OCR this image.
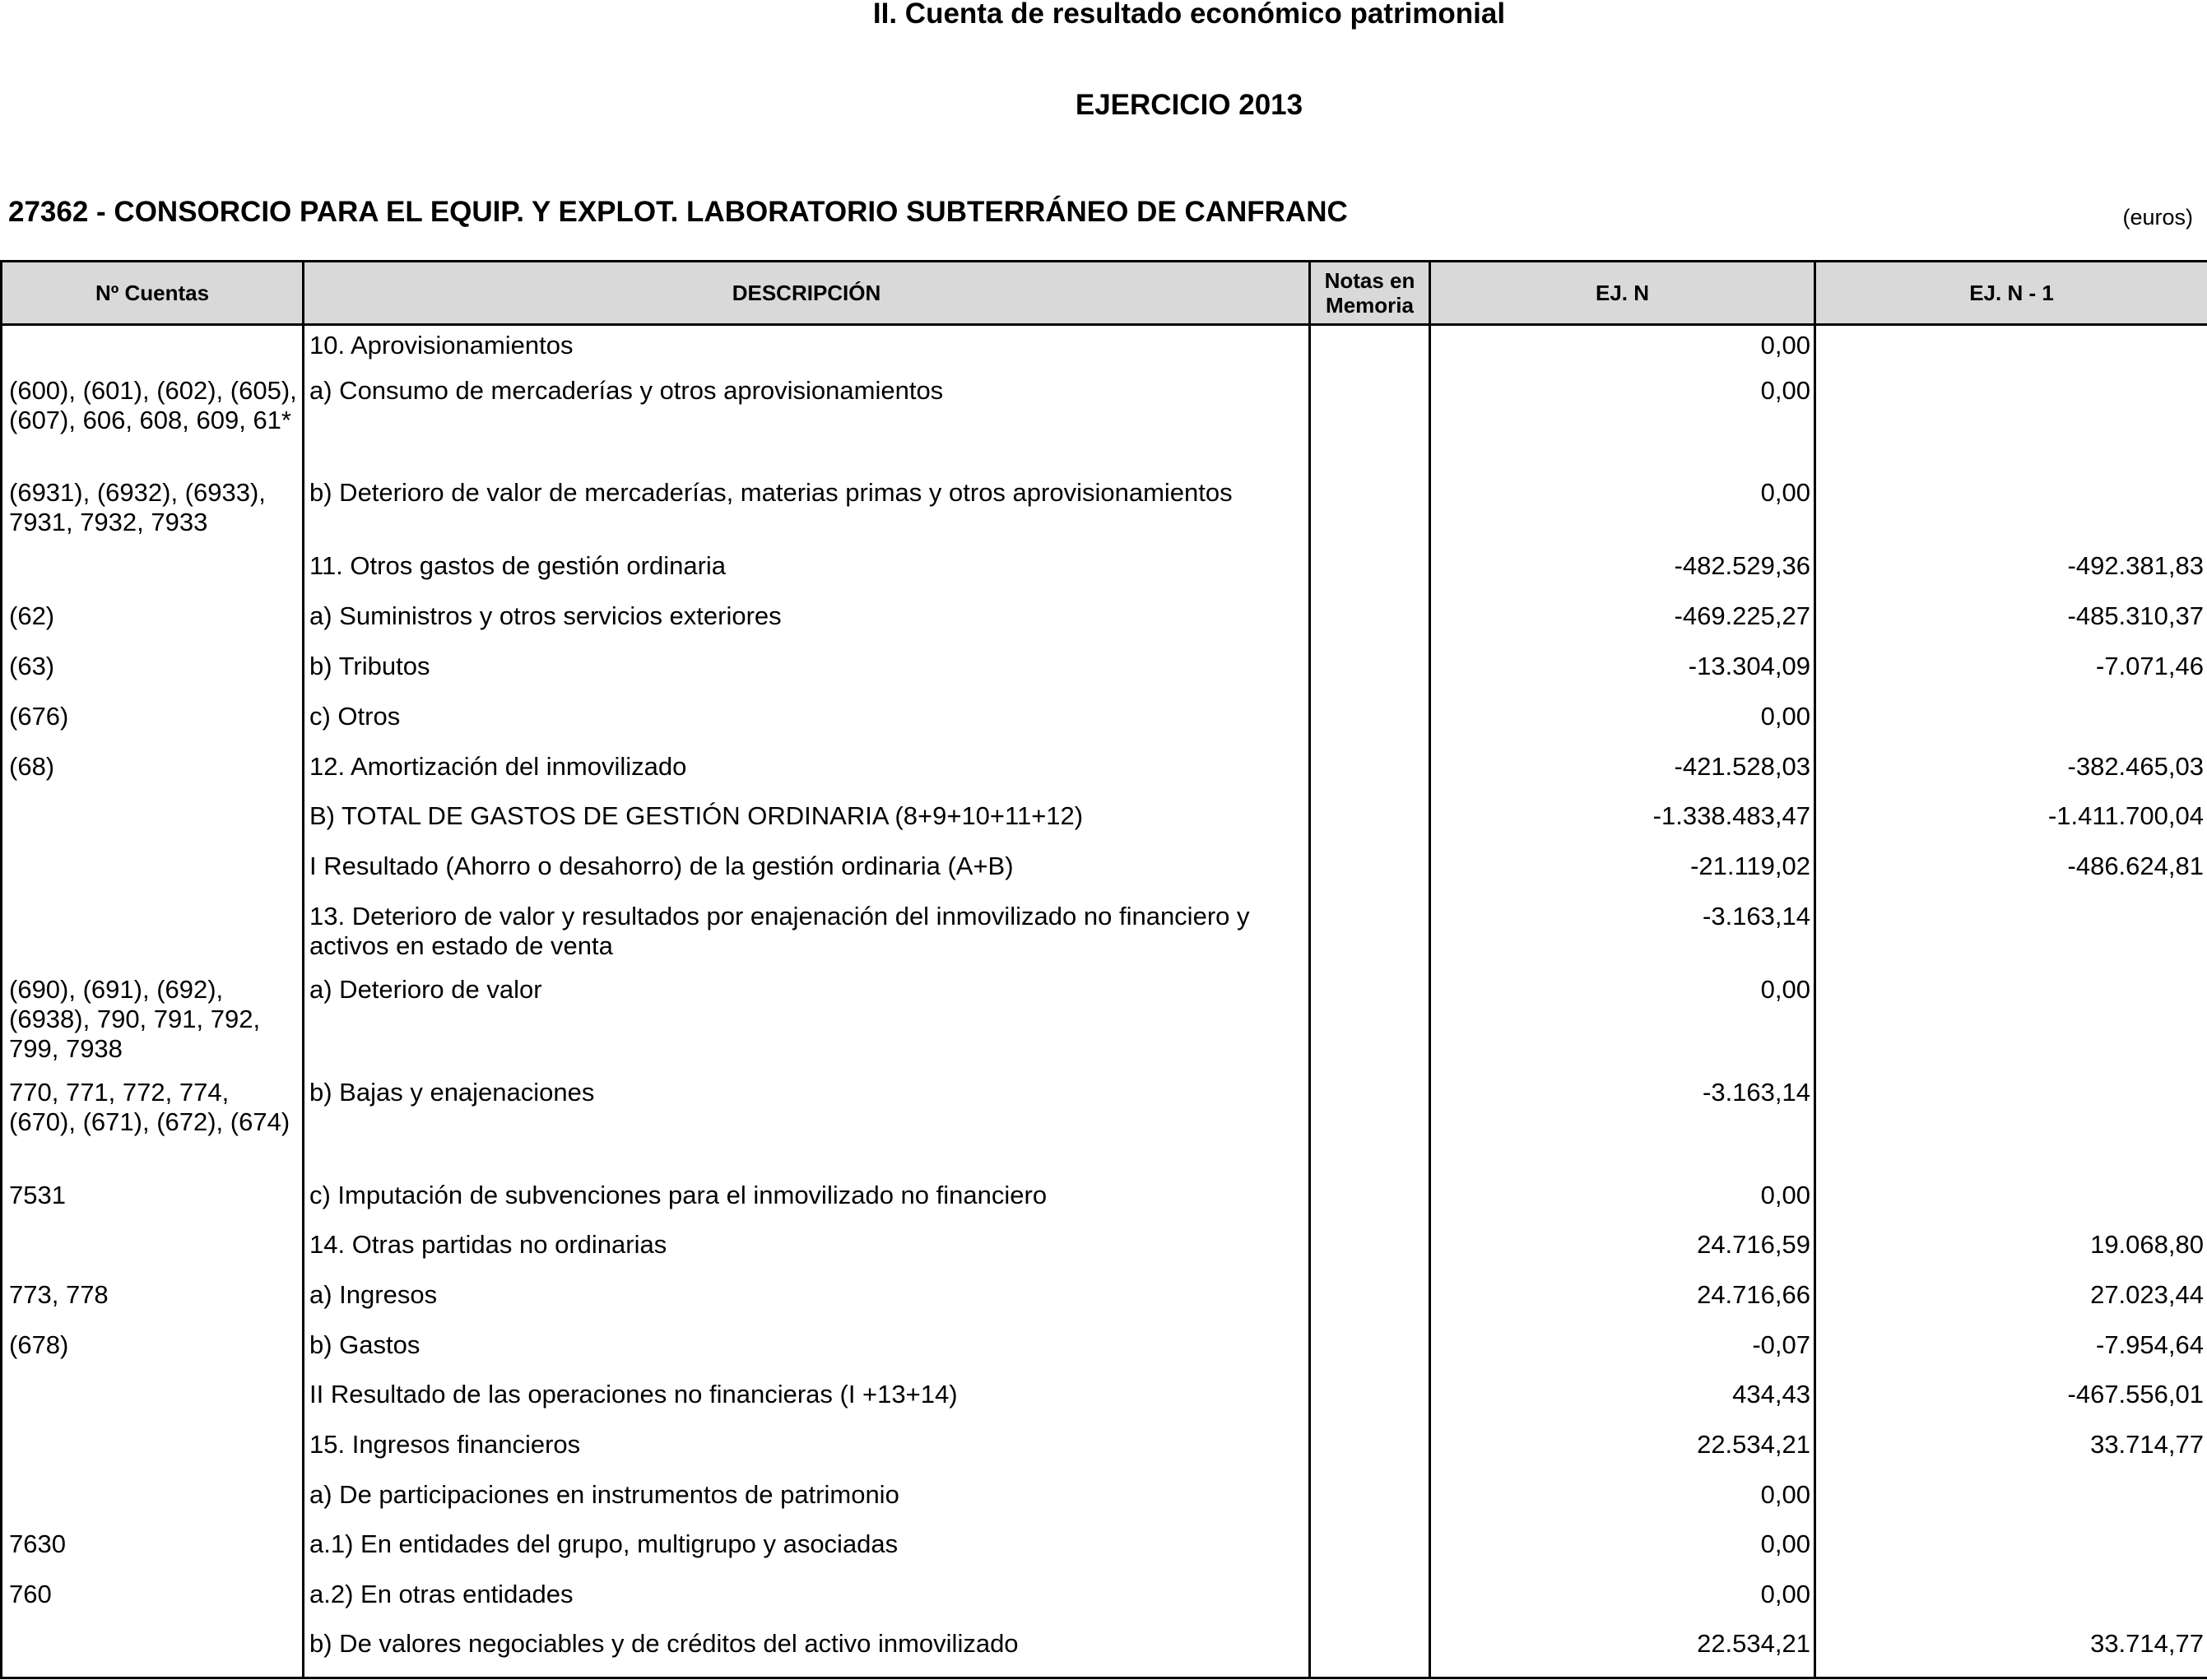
II. Cuenta de resultado económico patrimonial
EJERCICIO 2013
27362 - CONSORCIO PARA EL EQUIP. Y EXPLOT. LABORATORIO SUBTERRÁNEO DE CANFRANC	(euros)
Nº Cuentas	DESCRIPCIÓN	Notas en Memoria	EJ. N	EJ. N - 1
	10. Aprovisionamientos		0,00	
(600), (601), (602), (605), (607), 606, 608, 609, 61*	a) Consumo de mercaderías y otros aprovisionamientos		0,00	
(6931), (6932), (6933), 7931, 7932, 7933	b) Deterioro de valor de mercaderías, materias primas y otros aprovisionamientos		0,00	
	11. Otros gastos de gestión ordinaria		-482.529,36	-492.381,83
(62)	a) Suministros y otros servicios exteriores		-469.225,27	-485.310,37
(63)	b) Tributos		-13.304,09	-7.071,46
(676)	c) Otros		0,00	
(68)	12. Amortización del inmovilizado		-421.528,03	-382.465,03
	B) TOTAL DE GASTOS DE GESTIÓN ORDINARIA (8+9+10+11+12)		-1.338.483,47	-1.411.700,04
	I Resultado (Ahorro o desahorro) de la gestión ordinaria (A+B)		-21.119,02	-486.624,81
	13. Deterioro de valor y resultados por enajenación del inmovilizado no financiero y activos en estado de venta		-3.163,14	
(690), (691), (692), (6938), 790, 791, 792, 799, 7938	a) Deterioro de valor		0,00	
770, 771, 772, 774, (670), (671), (672), (674)	b) Bajas y enajenaciones		-3.163,14	
7531	c) Imputación de subvenciones para el inmovilizado no financiero		0,00	
	14. Otras partidas no ordinarias		24.716,59	19.068,80
773, 778	a) Ingresos		24.716,66	27.023,44
(678)	b) Gastos		-0,07	-7.954,64
	II Resultado de las operaciones no financieras (I +13+14)		434,43	-467.556,01
	15. Ingresos financieros		22.534,21	33.714,77
	a) De participaciones en instrumentos de patrimonio		0,00	
7630	a.1) En entidades del grupo, multigrupo y asociadas		0,00	
760	a.2) En otras entidades		0,00	
	b) De valores negociables y de créditos del activo inmovilizado		22.534,21	33.714,77
